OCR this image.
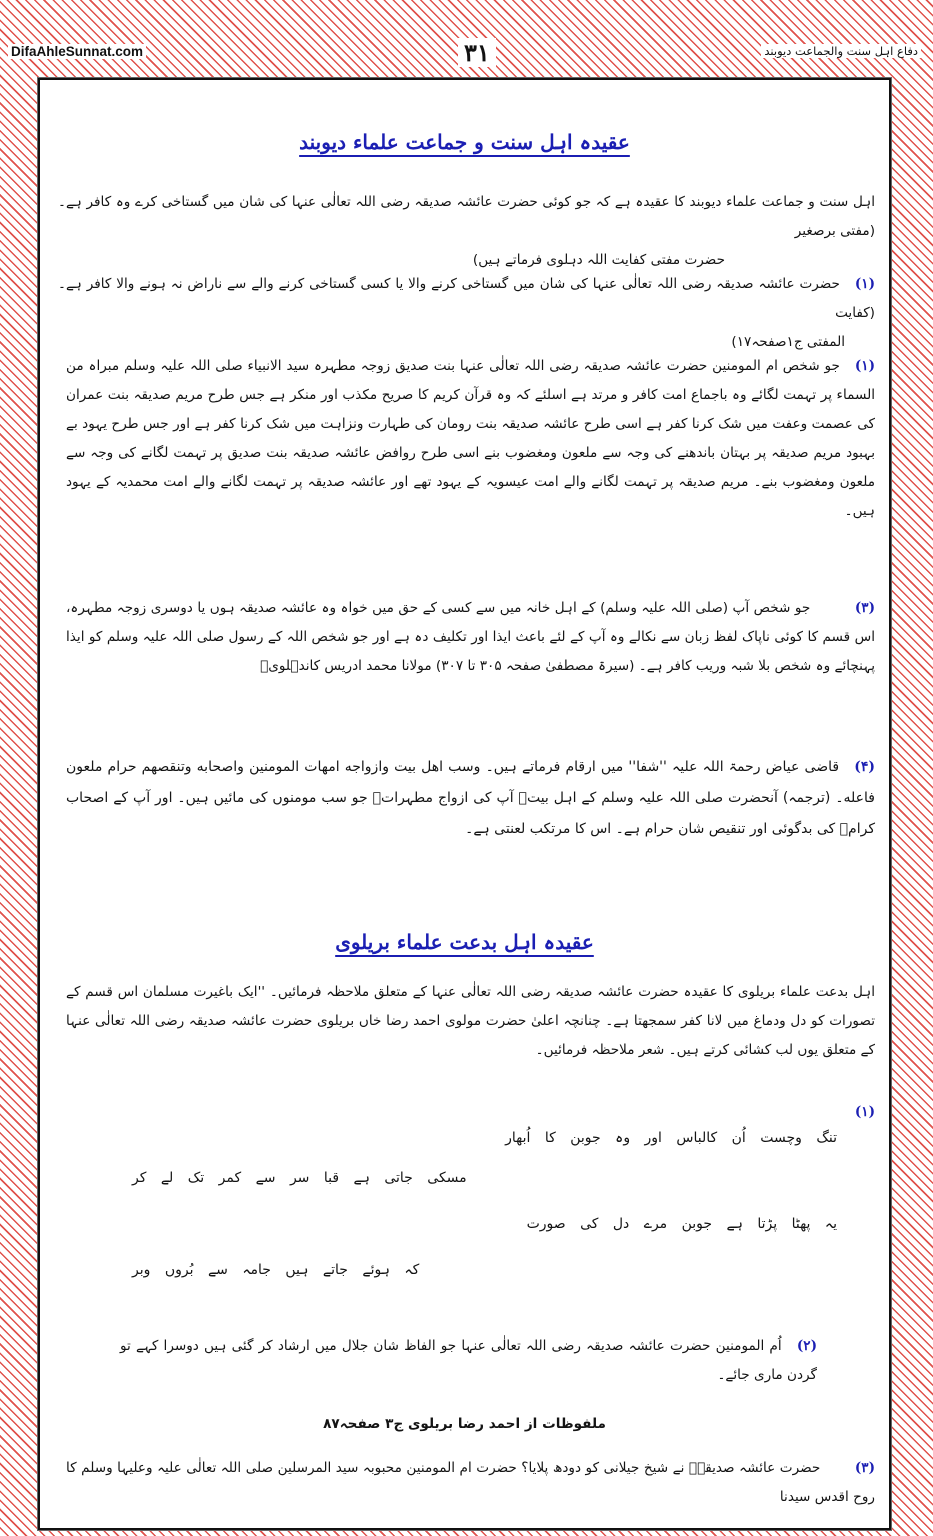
DifaAhleSunnat.com	۳۱	دفاع اہل سنت والجماعت دیوبند
عقیدہ اہل سنت و جماعت علماء دیوبند
اہل سنت و جماعت علماء دیوبند کا عقیدہ ہے کہ جو کوئی حضرت عائشہ صدیقہ رضی اللہ تعالٰی عنہا کی شان میں گستاخی کرے وہ کافر ہے۔ (مفتی برصغیر
حضرت مفتی کفایت اللہ دہلوی فرماتے ہیں)
(۱) حضرت عائشہ صدیقہ رضی اللہ تعالٰی عنہا کی شان میں گستاخی کرنے والا یا کسی گستاخی کرنے والے سے ناراض نہ ہونے والا کافر ہے۔ (کفایت
المفتی ج۱صفحہ۱۷)
(۱) جو شخص ام المومنین حضرت عائشہ صدیقہ رضی اللہ تعالٰی عنہا بنت صدیق زوجہ مطہرہ سید الانبیاء صلی اللہ علیہ وسلم مبراہ من السماء پر تہمت لگائے وہ باجماع امت کافر و مرتد ہے اسلئے کہ وہ قرآن کریم کا صریح مکذب اور منکر ہے جس طرح مریم صدیقہ بنت عمران کی عصمت وعفت میں شک کرنا کفر ہے اسی طرح عائشہ صدیقہ بنت رومان کی طہارت ونزاہت میں شک کرنا کفر ہے اور جس طرح یہود بے بہبود مریم صدیقہ پر بہتان باندھنے کی وجہ سے ملعون ومغضوب بنے اسی طرح روافض عائشہ صدیقہ بنت صدیق پر تہمت لگانے کی وجہ سے ملعون ومغضوب بنے۔ مریم صدیقہ پر تہمت لگانے والے امت عیسویہ کے یہود تھے اور عائشہ صدیقہ پر تہمت لگانے والے امت محمدیہ کے یہود ہیں۔
(۳) جو شخص آپ (صلی اللہ علیہ وسلم) کے اہل خانہ میں سے کسی کے حق میں خواہ وہ عائشہ صدیقہ ہوں یا دوسری زوجہ مطہرہ، اس قسم کا کوئی ناپاک لفظ زبان سے نکالے وہ آپ کے لئے باعث ایذا اور تکلیف دہ ہے اور جو شخص اللہ کے رسول صلی اللہ علیہ وسلم کو ایذا پہنچائے وہ شخص بلا شبہ وریب کافر ہے۔ (سیرۃ مصطفیٰ صفحہ ۳۰۵ تا ۳۰۷) مولانا محمد ادریس کاندہلویؒ
(۴) قاضی عیاض رحمۃ اللہ علیہ ''شفا'' میں ارقام فرماتے ہیں۔ وسب اهل بيت وازواجه امهات المومنين واصحابه وتنقصهم حرام ملعون فاعله۔ (ترجمہ) آنحضرت صلی اللہ علیہ وسلم کے اہل بیتؓ آپ کی ازواج مطہراتؓ جو سب مومنوں کی مائیں ہیں۔ اور آپ کے اصحاب کرامؓ کی بدگوئی اور تنقیص شان حرام ہے۔ اس کا مرتکب لعنتی ہے۔
عقیدہ اہل بدعت علماء بریلوی
اہل بدعت علماء بریلوی کا عقیدہ حضرت عائشہ صدیقہ رضی اللہ تعالٰی عنہا کے متعلق ملاحظہ فرمائیں۔ ''ایک باغیرت مسلمان اس قسم کے تصورات کو دل ودماغ میں لانا کفر سمجھتا ہے۔ چنانچہ اعلیٰ حضرت مولوی احمد رضا خاں بریلوی حضرت عائشہ صدیقہ رضی اللہ تعالٰی عنہا کے متعلق یوں لب کشائی کرتے ہیں۔ شعر ملاحظہ فرمائیں۔
(۱)
تنگ وچست اُن کالباس اور وہ جوبن کا اُبھار
مسکی جاتی ہے قبا سر سے کمر تک لے کر
یہ پھٹا پڑتا ہے جوبن مرے دل کی صورت
کہ ہوئے جاتے ہیں جامہ سے بُروں وبر
(۲) اُم المومنین حضرت عائشہ صدیقہ رضی اللہ تعالٰی عنہا جو الفاظ شان جلال میں ارشاد کر گئی ہیں دوسرا کہے تو گردن ماری جائے۔
ملفوظات از احمد رضا بریلوی ج۳ صفحہ۸۷
(۳) حضرت عائشہ صدیقہؓ نے شیخ جیلانی کو دودھ پلایا؟ حضرت ام المومنین محبوبہ سید المرسلین صلی اللہ تعالٰی علیہ وعلیہا وسلم کا روح اقدس سیدنا
